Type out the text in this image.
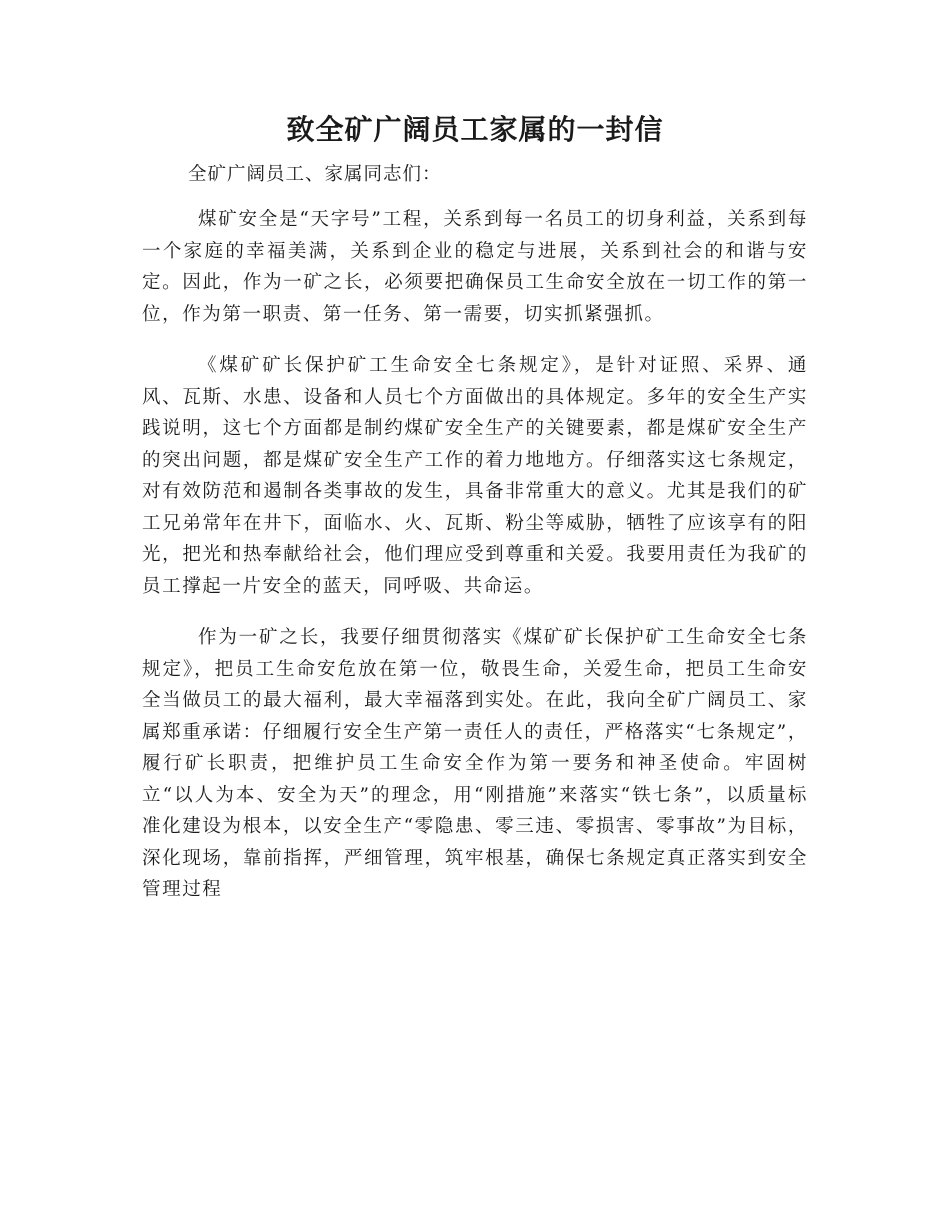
致全矿广阔员工家属的一封信

全矿广阔员工、家属同志们：

煤矿安全是“天字号”工程，关系到每一名员工的切身利益，关系到每一个家庭的幸福美满，关系到企业的稳定与进展，关系到社会的和谐与安定。因此，作为一矿之长，必须要把确保员工生命安全放在一切工作的第一位，作为第一职责、第一任务、第一需要，切实抓紧强抓。

《煤矿矿长保护矿工生命安全七条规定》，是针对证照、采界、通风、瓦斯、水患、设备和人员七个方面做出的具体规定。多年的安全生产实践说明，这七个方面都是制约煤矿安全生产的关键要素，都是煤矿安全生产的突出问题，都是煤矿安全生产工作的着力地地方。仔细落实这七条规定，对有效防范和遏制各类事故的发生，具备非常重大的意义。尤其是我们的矿工兄弟常年在井下，面临水、火、瓦斯、粉尘等威胁，牺牲了应该享有的阳光，把光和热奉献给社会，他们理应受到尊重和关爱。我要用责任为我矿的员工撑起一片安全的蓝天，同呼吸、共命运。

作为一矿之长，我要仔细贯彻落实《煤矿矿长保护矿工生命安全七条规定》，把员工生命安危放在第一位，敬畏生命，关爱生命，把员工生命安全当做员工的最大福利，最大幸福落到实处。在此，我向全矿广阔员工、家属郑重承诺：仔细履行安全生产第一责任人的责任，严格落实“七条规定”，履行矿长职责，把维护员工生命安全作为第一要务和神圣使命。牢固树立“以人为本、安全为天”的理念，用“刚措施”来落实“铁七条”，以质量标准化建设为根本，以安全生产“零隐患、零三违、零损害、零事故”为目标，深化现场，靠前指挥，严细管理，筑牢根基，确保七条规定真正落实到安全管理过程
